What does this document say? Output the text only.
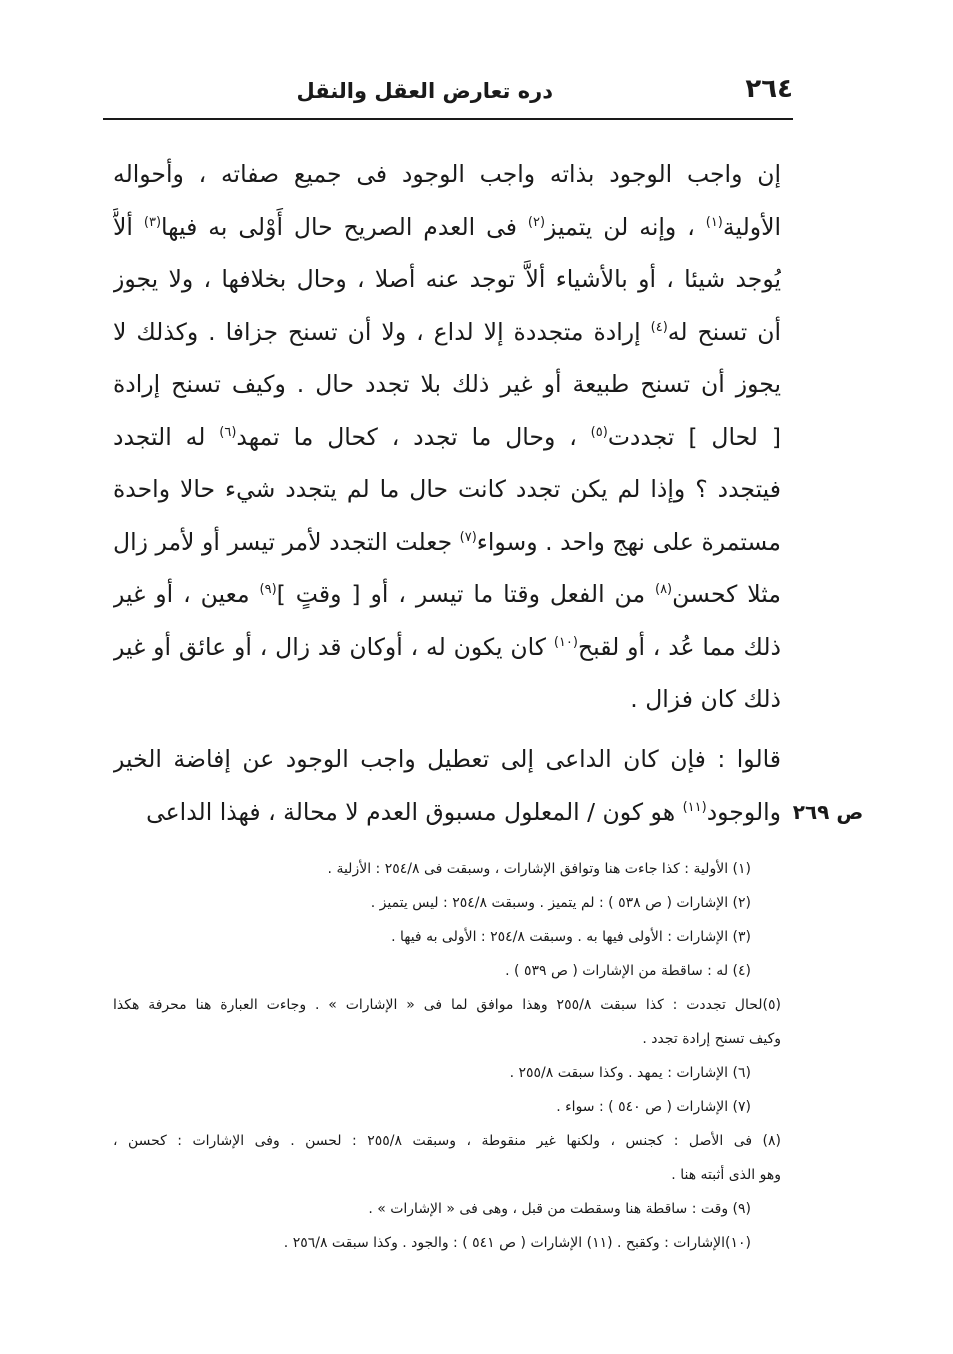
٢٦٤
دره تعارض العقل والنقل
إن واجب الوجود بذاته واجب الوجود فى جميع صفاته ، وأحواله
الأولية$^{(١)}$ ، وإنه لن يتميز$^{(٢)}$ فى العدم الصريح حال أَوْلى به فيها$^{(٣)}$ ألاَّ
يُوجد شيئا ، أو بالأشياء ألاَّ توجد عنه أصلا ، وحال بخلافها ، ولا يجوز
أن تسنح له$^{(٤)}$ إرادة متجددة إلا لداع ، ولا أن تسنح جزافا . وكذلك لا
يجوز أن تسنح طبيعة أو غير ذلك بلا تجدد حال . وكيف تسنح إرادة
[ لحال ] تجددت$^{(٥)}$ ، وحال ما تجدد ، كحال ما تمهد$^{(٦)}$ له التجدد
فيتجدد ؟ وإذا لم يكن تجدد كانت حال ما لم يتجدد شيء حالا واحدة
مستمرة على نهج واحد . وسواء$^{(٧)}$ جعلت التجدد لأمر تيسر أو لأمر زال
مثلا كحسن$^{(٨)}$ من الفعل وقتا ما تيسر ، أو [ وقتٍ ]$^{(٩)}$ معين ، أو غير
ذلك مما عُد ، أو لقبح$^{(١٠)}$ كان يكون له ، أوكان قد زال ، أو عائق أو غير
ذلك كان فزال .
ص ٢٦٩
قالوا : فإن كان الداعى إلى تعطيل واجب الوجود عن إفاضة الخير
والوجود$^{(١١)}$ هو كون / المعلول مسبوق العدم لا محالة ، فهذا الداعى
(١) الأولية : كذا جاءت هنا وتوافق الإشارات ، وسبقت فى ٢٥٤/٨ : الأزلية .
(٢) الإشارات ( ص ٥٣٨ ) : لم يتميز . وسبقت ٢٥٤/٨ : ليس يتميز .
(٣) الإشارات : الأولى فيها به . وسبقت ٢٥٤/٨ : الأولى به فيها .
(٤) له : ساقطة من الإشارات ( ص ٥٣٩ ) .
(٥)لحال تجددت : كذا سبقت ٢٥٥/٨ وهذا موافق لما فى « الإشارات » . وجاءت العبارة هنا محرفة هكذا
وكيف تسنح إرادة تجدد .
(٦) الإشارات : يمهد . وكذا سبقت ٢٥٥/٨ .
(٧) الإشارات ( ص ٥٤٠ ) : سواء .
(٨) فى الأصل : كجنس ، ولكنها غير منقوطة ، وسبقت ٢٥٥/٨ : لحسن . وفى الإشارات : كحسن ،
وهو الذى أثبته هنا .
(٩) وقت : ساقطة هنا وسقطت من قبل ، وهى فى « الإشارات » .
(١٠)الإشارات : وكقبح . (١١) الإشارات ( ص ٥٤١ ) : والجود . وكذا سبقت ٢٥٦/٨ .
